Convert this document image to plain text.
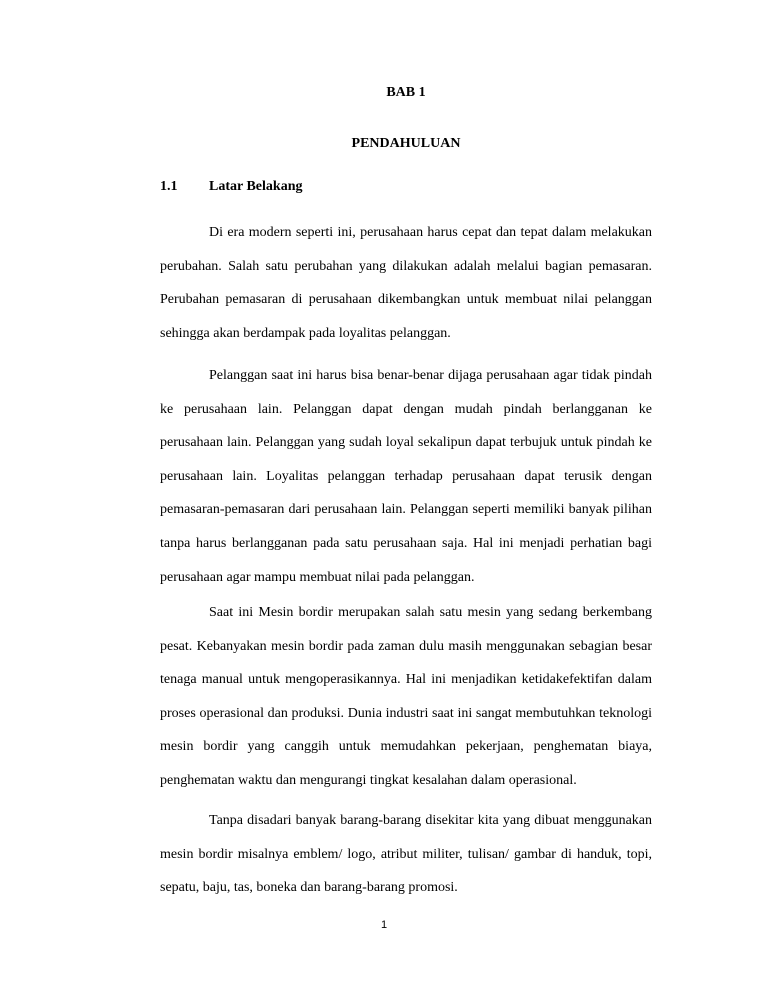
BAB 1
PENDAHULUAN
1.1 Latar Belakang

Di era modern seperti ini, perusahaan harus cepat dan tepat dalam melakukan perubahan. Salah satu perubahan yang dilakukan adalah melalui bagian pemasaran. Perubahan pemasaran di perusahaan dikembangkan untuk membuat nilai pelanggan sehingga akan berdampak pada loyalitas pelanggan.

Pelanggan saat ini harus bisa benar-benar dijaga perusahaan agar tidak pindah ke perusahaan lain. Pelanggan dapat dengan mudah pindah berlangganan ke perusahaan lain. Pelanggan yang sudah loyal sekalipun dapat terbujuk untuk pindah ke perusahaan lain. Loyalitas pelanggan terhadap perusahaan dapat terusik dengan pemasaran-pemasaran dari perusahaan lain. Pelanggan seperti memiliki banyak pilihan tanpa harus berlangganan pada satu perusahaan saja. Hal ini menjadi perhatian bagi perusahaan agar mampu membuat nilai pada pelanggan.

Saat ini Mesin bordir merupakan salah satu mesin yang sedang berkembang pesat. Kebanyakan mesin bordir pada zaman dulu masih menggunakan sebagian besar tenaga manual untuk mengoperasikannya. Hal ini menjadikan ketidakefektifan dalam proses operasional dan produksi. Dunia industri saat ini sangat membutuhkan teknologi mesin bordir yang canggih untuk memudahkan pekerjaan, penghematan biaya, penghematan waktu dan mengurangi tingkat kesalahan dalam operasional.

Tanpa disadari banyak barang-barang disekitar kita yang dibuat menggunakan mesin bordir misalnya emblem/ logo, atribut militer, tulisan/ gambar di handuk, topi, sepatu, baju, tas, boneka dan barang-barang promosi.

1
